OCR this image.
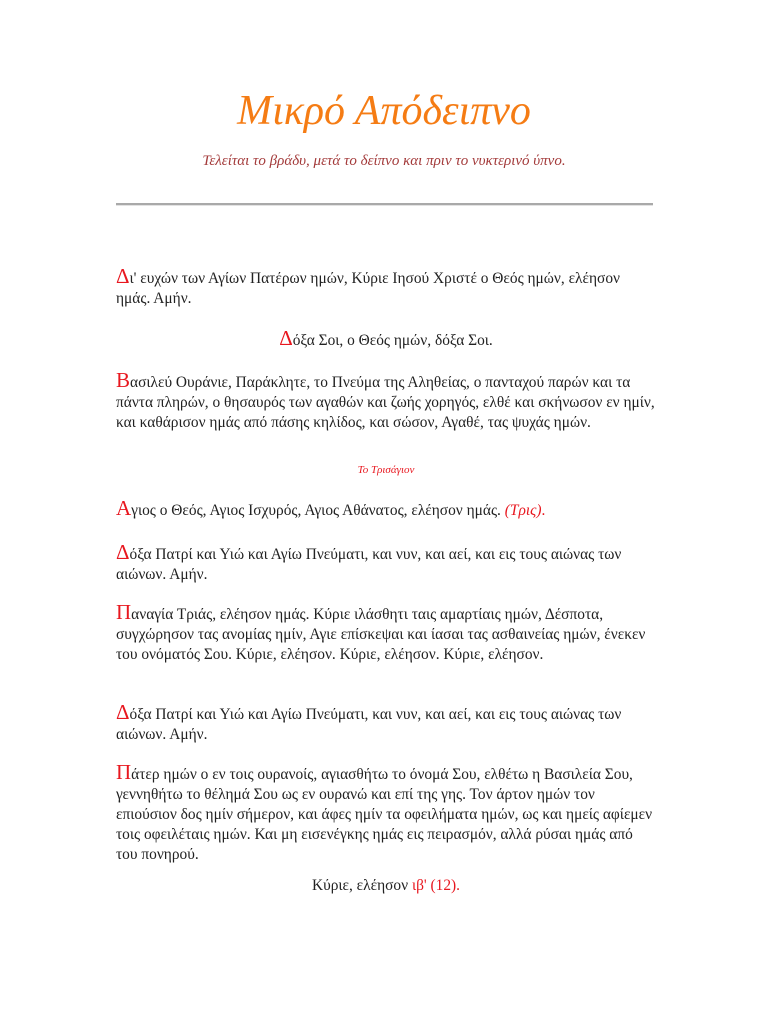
Μικρό Απόδειπνο

Τελείται το βράδυ, μετά το δείπνο και πριν το νυκτερινό ύπνο.

Δι' ευχών των Αγίων Πατέρων ημών, Κύριε Ιησού Χριστέ ο Θεός ημών, ελέησον ημάς. Αμήν.

Δόξα Σοι, ο Θεός ημών, δόξα Σοι.

Βασιλεύ Ουράνιε, Παράκλητε, το Πνεύμα της Αληθείας, ο πανταχού παρών και τα πάντα πληρών, ο θησαυρός των αγαθών και ζωής χορηγός, ελθέ και σκήνωσον εν ημίν, και καθάρισον ημάς από πάσης κηλίδος, και σώσον, Αγαθέ, τας ψυχάς ημών.

Το Τρισάγιον

Αγιος ο Θεός, Αγιος Ισχυρός, Αγιος Αθάνατος, ελέησον ημάς. (Τρις).

Δόξα Πατρί και Υιώ και Αγίω Πνεύματι, και νυν, και αεί, και εις τους αιώνας των αιώνων. Αμήν.

Παναγία Τριάς, ελέησον ημάς. Κύριε ιλάσθητι ταις αμαρτίαις ημών, Δέσποτα, συγχώρησον τας ανομίας ημίν, Αγιε επίσκεψαι και ίασαι τας ασθαινείας ημών, ένεκεν του ονόματός Σου. Κύριε, ελέησον. Κύριε, ελέησον. Κύριε, ελέησον.

Δόξα Πατρί και Υιώ και Αγίω Πνεύματι, και νυν, και αεί, και εις τους αιώνας των αιώνων. Αμήν.

Πάτερ ημών ο εν τοις ουρανοίς, αγιασθήτω το όνομά Σου, ελθέτω η Βασιλεία Σου, γεννηθήτω το θέλημά Σου ως εν ουρανώ και επί της γης. Τον άρτον ημών τον επιούσιον δος ημίν σήμερον, και άφες ημίν τα οφειλήματα ημών, ως και ημείς αφίεμεν τοις οφειλέταις ημών. Και μη εισενέγκης ημάς εις πειρασμόν, αλλά ρύσαι ημάς από του πονηρού.

Κύριε, ελέησον ιβ' (12).
